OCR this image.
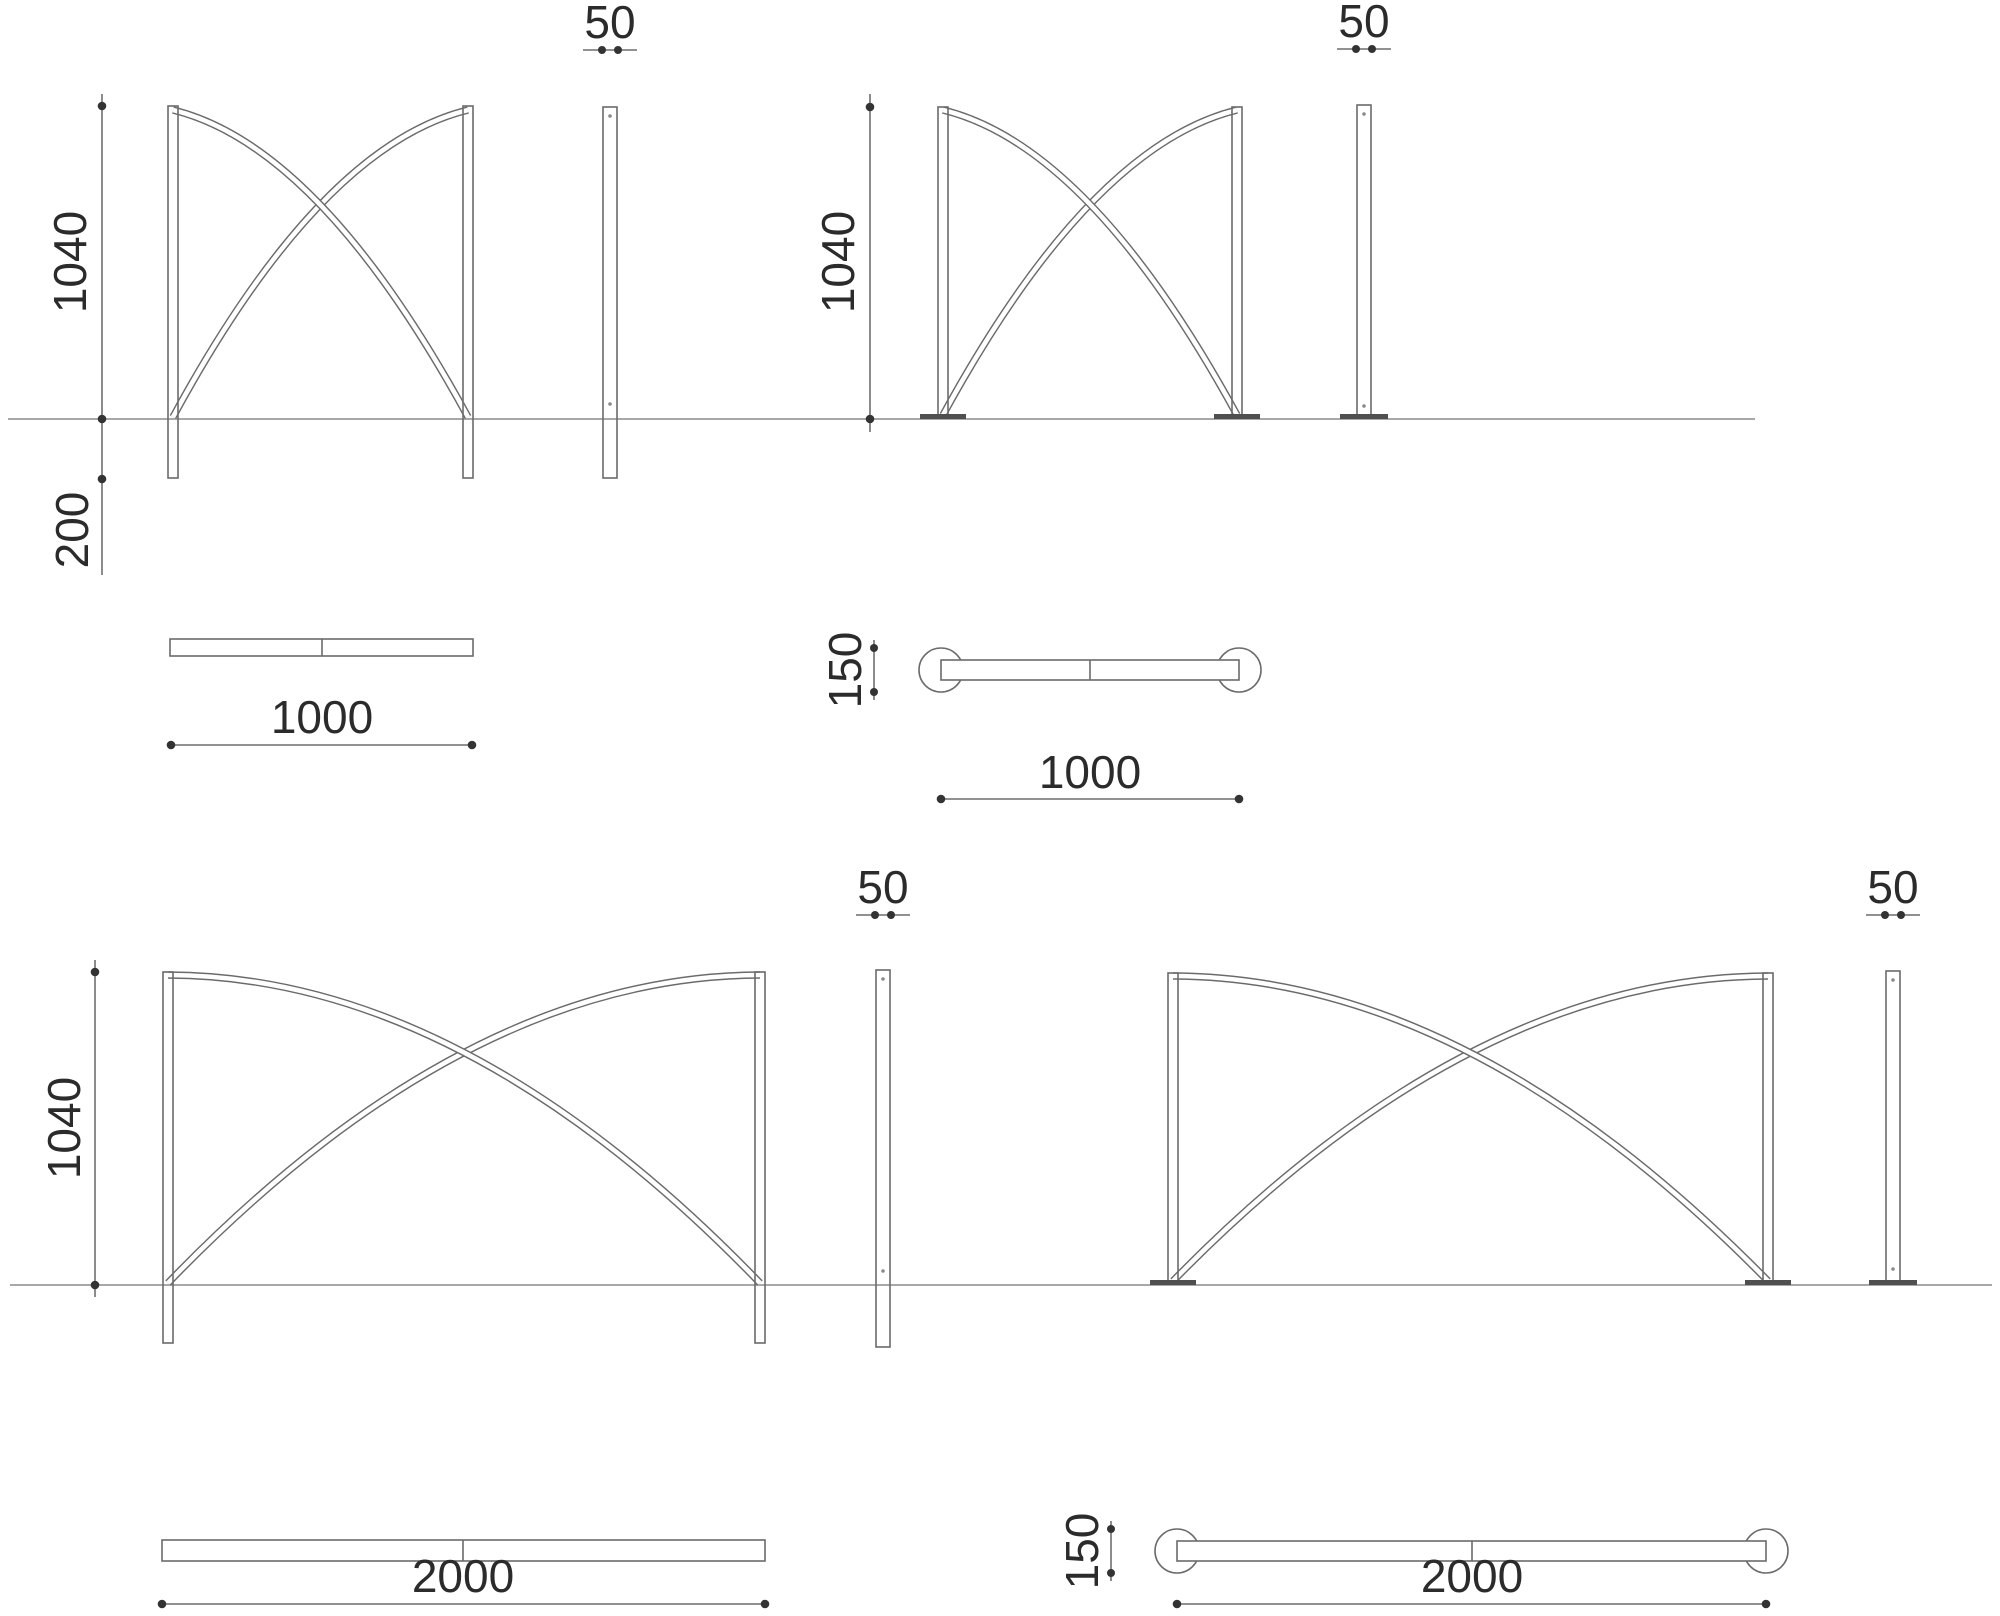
1040
200
50
1040
50
1000
150
1000
1040
50	50
2000	150	2000
